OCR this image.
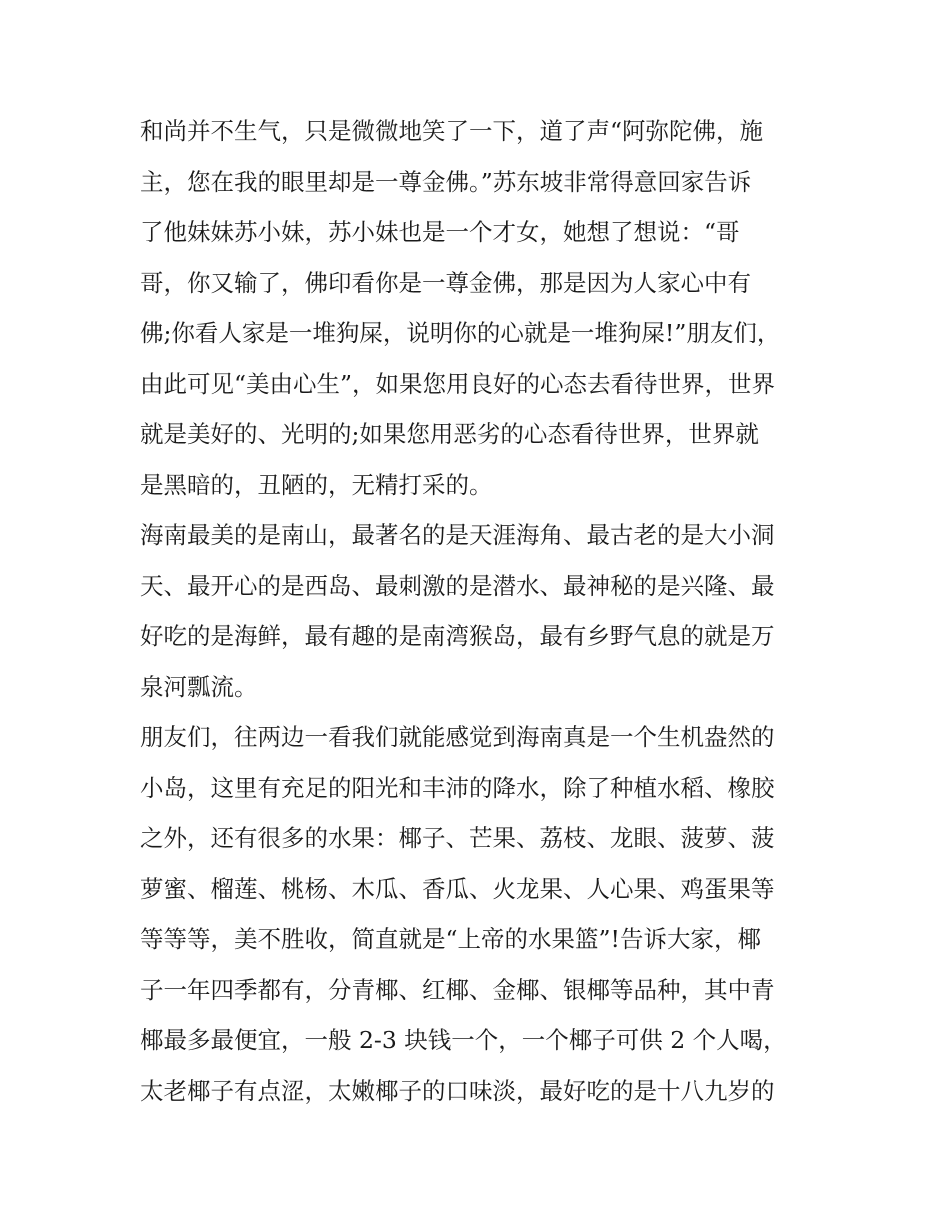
和尚并不生气，只是微微地笑了一下，道了声“阿弥陀佛，施
主，您在我的眼里却是一尊金佛。”苏东坡非常得意回家告诉
了他妹妹苏小妹，苏小妹也是一个才女，她想了想说：“哥
哥，你又输了，佛印看你是一尊金佛，那是因为人家心中有
佛;你看人家是一堆狗屎，说明你的心就是一堆狗屎!”朋友们，
由此可见“美由心生”，如果您用良好的心态去看待世界，世界
就是美好的、光明的;如果您用恶劣的心态看待世界，世界就
是黑暗的，丑陋的，无精打采的。
海南最美的是南山，最著名的是天涯海角、最古老的是大小洞
天、最开心的是西岛、最刺激的是潜水、最神秘的是兴隆、最
好吃的是海鲜，最有趣的是南湾猴岛，最有乡野气息的就是万
泉河瓢流。
朋友们，往两边一看我们就能感觉到海南真是一个生机盎然的
小岛，这里有充足的阳光和丰沛的降水，除了种植水稻、橡胶
之外，还有很多的水果：椰子、芒果、荔枝、龙眼、菠萝、菠
萝蜜、榴莲、桃杨、木瓜、香瓜、火龙果、人心果、鸡蛋果等
等等等，美不胜收，简直就是“上帝的水果篮”!告诉大家，椰
子一年四季都有，分青椰、红椰、金椰、银椰等品种，其中青
椰最多最便宜，一般 2-3 块钱一个，一个椰子可供 2 个人喝，
太老椰子有点涩，太嫩椰子的口味淡，最好吃的是十八九岁的
